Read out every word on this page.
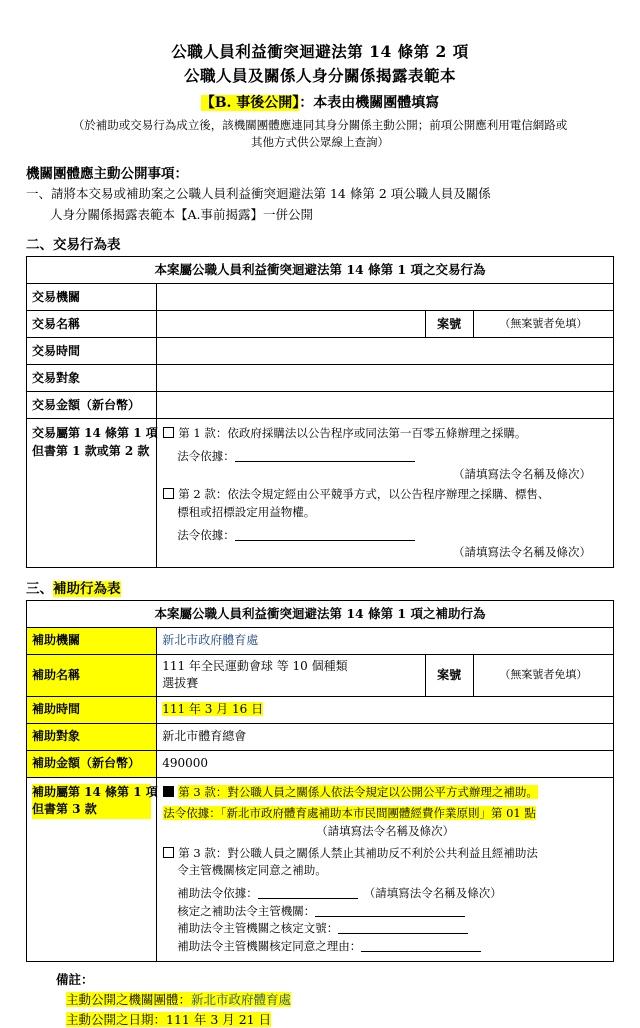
公職人員利益衝突迴避法第 14 條第 2 項
公職人員及關係人身分關係揭露表範本
【B. 事後公開】：本表由機關團體填寫
（於補助或交易行為成立後，該機關團體應連同其身分關係主動公開；前項公開應利用電信網路或
其他方式供公眾線上查詢）
機關團體應主動公開事項：
一、請將本交易或補助案之公職人員利益衝突迴避法第 14 條第 2 項公職人員及關係
人身分關係揭露表範本【A.事前揭露】一併公開
二、交易行為表
本案屬公職人員利益衝突迴避法第 14 條第 1 項之交易行為			
交易機關			
交易名稱		案號	（無案號者免填）
交易時間			
交易對象			
交易金額（新台幣）			

交易屬第 14 條第 1 項
但書第 1 款或第 2 款

第 1 款：依政府採購法以公告程序或同法第一百零五條辦理之採購。
法令依據：
（請填寫法令名稱及條次）
第 2 款：依法令規定經由公平競爭方式，以公告程序辦理之採購、標售、
標租或招標設定用益物權。
法令依據：
（請填寫法令名稱及條次）
三、補助行為表
本案屬公職人員利益衝突迴避法第 14 條第 1 項之補助行為			
補助機關	新北市政府體育處		
補助名稱	111 年全民運動會球 等 10 個種類
選拔賽	案號	（無案號者免填）
補助時間	111 年 3 月 16 日		
補助對象	新北市體育總會		
補助金額（新台幣）	490000		

補助屬第 14 條第 1 項
但書第 3 款

第 3 款：對公職人員之關係人依法令規定以公開公平方式辦理之補助。
法令依據：「新北市政府體育處補助本市民間團體經費作業原則」第 01 點
（請填寫法令名稱及條次）
第 3 款：對公職人員之關係人禁止其補助反不利於公共利益且經補助法
令主管機關核定同意之補助。
補助法令依據：	（請填寫法令名稱及條次）
核定之補助法令主管機關：
補助法令主管機關之核定文號：
補助法令主管機關核定同意之理由：
備註：
主動公開之機關團體：新北市政府體育處
主動公開之日期：111 年 3 月 21 日
